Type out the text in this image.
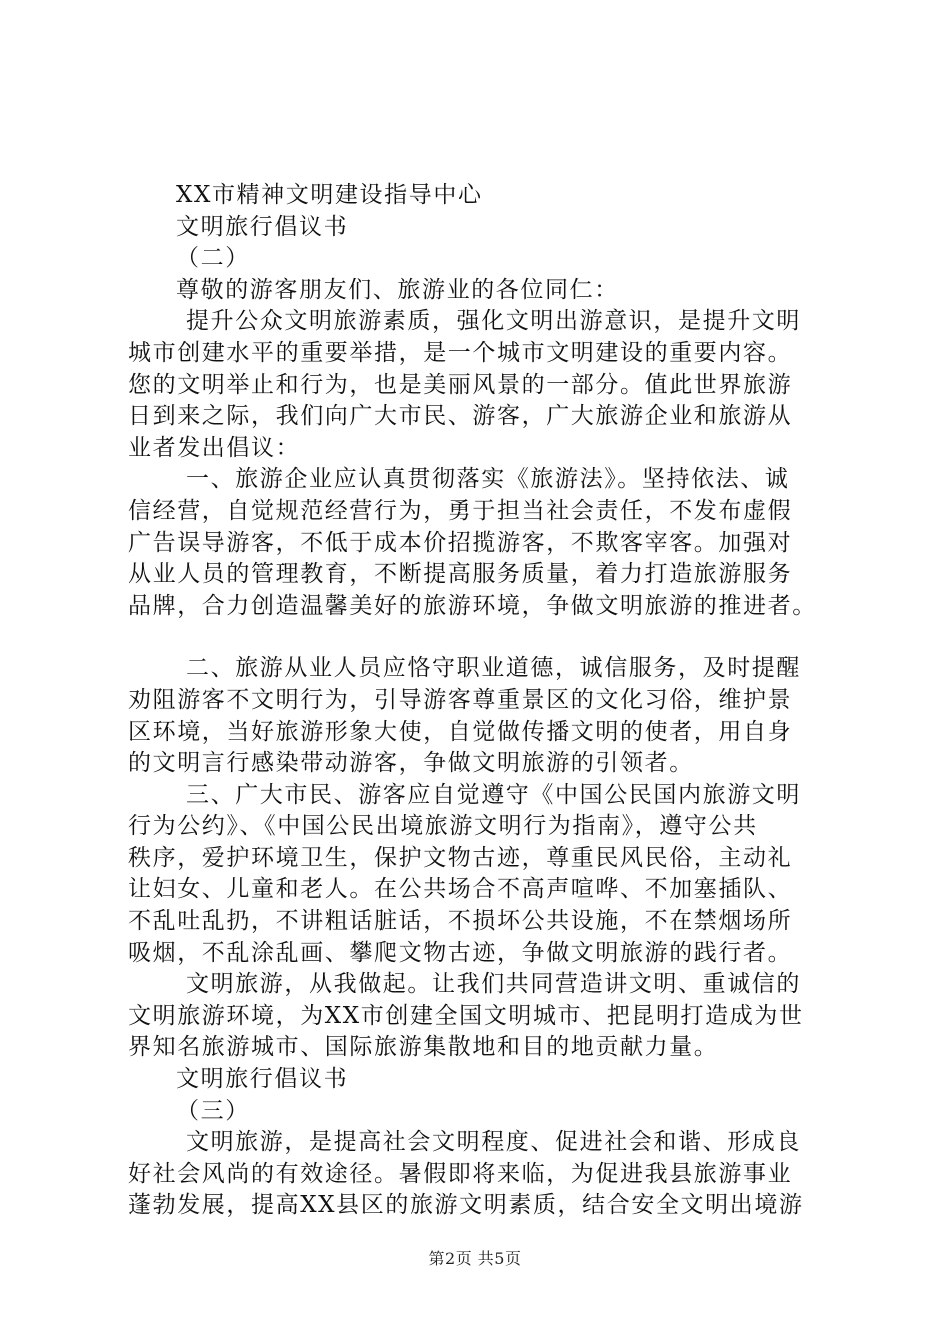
XX市精神文明建设指导中心
文明旅行倡议书
（二）
尊敬的游客朋友们、旅游业的各位同仁：
提升公众文明旅游素质，强化文明出游意识，是提升文明
城市创建水平的重要举措，是一个城市文明建设的重要内容。
您的文明举止和行为，也是美丽风景的一部分。值此世界旅游
日到来之际，我们向广大市民、游客，广大旅游企业和旅游从
业者发出倡议：
一、旅游企业应认真贯彻落实《旅游法》。坚持依法、诚
信经营，自觉规范经营行为，勇于担当社会责任，不发布虚假
广告误导游客，不低于成本价招揽游客，不欺客宰客。加强对
从业人员的管理教育，不断提高服务质量，着力打造旅游服务
品牌，合力创造温馨美好的旅游环境，争做文明旅游的推进者。
二、旅游从业人员应恪守职业道德，诚信服务，及时提醒
劝阻游客不文明行为，引导游客尊重景区的文化习俗，维护景
区环境，当好旅游形象大使，自觉做传播文明的使者，用自身
的文明言行感染带动游客，争做文明旅游的引领者。
三、广大市民、游客应自觉遵守《中国公民国内旅游文明
行为公约》、《中国公民出境旅游文明行为指南》，遵守公共
秩序，爱护环境卫生，保护文物古迹，尊重民风民俗，主动礼
让妇女、儿童和老人。在公共场合不高声喧哗、不加塞插队、
不乱吐乱扔，不讲粗话脏话，不损坏公共设施，不在禁烟场所
吸烟，不乱涂乱画、攀爬文物古迹，争做文明旅游的践行者。
文明旅游，从我做起。让我们共同营造讲文明、重诚信的
文明旅游环境，为XX市创建全国文明城市、把昆明打造成为世
界知名旅游城市、国际旅游集散地和目的地贡献力量。
文明旅行倡议书
（三）
文明旅游，是提高社会文明程度、促进社会和谐、形成良
好社会风尚的有效途径。暑假即将来临，为促进我县旅游事业
蓬勃发展，提高XX县区的旅游文明素质，结合安全文明出境游
第2页 共5页
